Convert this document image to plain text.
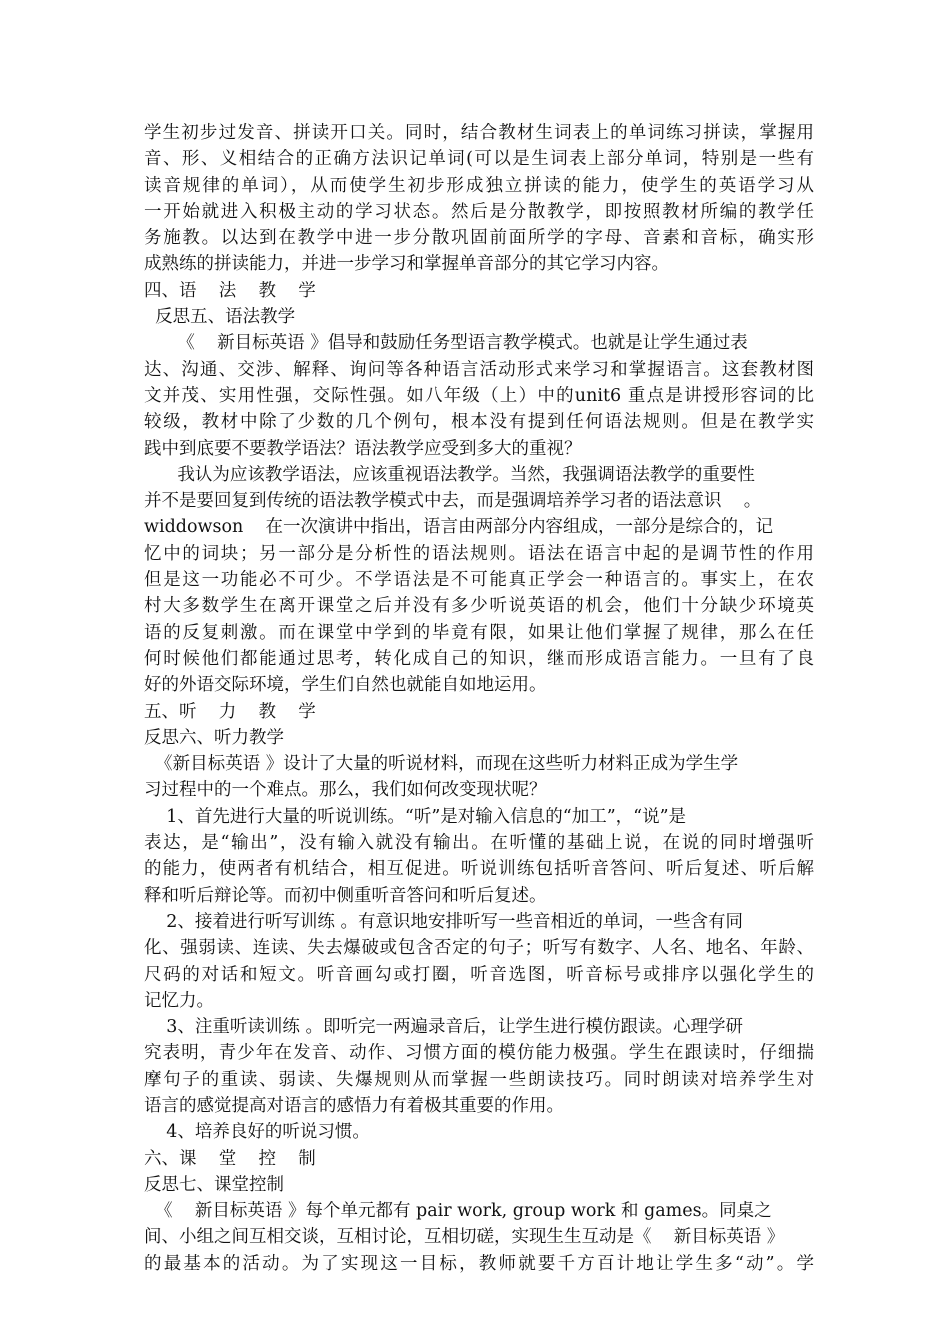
学生初步过发音、拼读开口关。同时，结合教材生词表上的单词练习拼读，掌握用
音、形、义相结合的正确方法识记单词(可以是生词表上部分单词，特别是一些有
读音规律的单词），从而使学生初步形成独立拼读的能力，使学生的英语学习从
一开始就进入积极主动的学习状态。然后是分散教学，即按照教材所编的教学任
务施教。以达到在教学中进一步分散巩固前面所学的字母、音素和音标，确实形
成熟练的拼读能力，并进一步学习和掌握单音部分的其它学习内容。
四、语    法    教    学
反思五、语法教学
《    新目标英语 》倡导和鼓励任务型语言教学模式。也就是让学生通过表
达、沟通、交涉、解释、询问等各种语言活动形式来学习和掌握语言。这套教材图
文并茂、实用性强，交际性强。如八年级（上）中的unit6 重点是讲授形容词的比
较级，教材中除了少数的几个例句，根本没有提到任何语法规则。但是在教学实
践中到底要不要教学语法？语法教学应受到多大的重视？
我认为应该教学语法，应该重视语法教学。当然，我强调语法教学的重要性
并不是要回复到传统的语法教学模式中去，而是强调培养学习者的语法意识    。
widdowson    在一次演讲中指出，语言由两部分内容组成，一部分是综合的，记
忆中的词块；另一部分是分析性的语法规则。语法在语言中起的是调节性的作用
但是这一功能必不可少。不学语法是不可能真正学会一种语言的。事实上，在农
村大多数学生在离开课堂之后并没有多少听说英语的机会，他们十分缺少环境英
语的反复刺激。而在课堂中学到的毕竟有限，如果让他们掌握了规律，那么在任
何时候他们都能通过思考，转化成自己的知识，继而形成语言能力。一旦有了良
好的外语交际环境，学生们自然也就能自如地运用。
五、听    力    教    学
反思六、听力教学
《新目标英语 》设计了大量的听说材料，而现在这些听力材料正成为学生学
习过程中的一个难点。那么，我们如何改变现状呢？
1、首先进行大量的听说训练。“听”是对输入信息的“加工”，“说”是
表达，是“输出”，没有输入就没有输出。在听懂的基础上说，在说的同时增强听
的能力，使两者有机结合，相互促进。听说训练包括听音答问、听后复述、听后解
释和听后辩论等。而初中侧重听音答问和听后复述。
2、接着进行听写训练 。有意识地安排听写一些音相近的单词，一些含有同
化、强弱读、连读、失去爆破或包含否定的句子；听写有数字、人名、地名、年龄、
尺码的对话和短文。听音画勾或打圈，听音选图，听音标号或排序以强化学生的
记忆力。
3、注重听读训练 。即听完一两遍录音后，让学生进行模仿跟读。心理学研
究表明，青少年在发音、动作、习惯方面的模仿能力极强。学生在跟读时，仔细揣
摩句子的重读、弱读、失爆规则从而掌握一些朗读技巧。同时朗读对培养学生对
语言的感觉提高对语言的感悟力有着极其重要的作用。
4、培养良好的听说习惯。
六、课    堂    控    制
反思七、课堂控制
《    新目标英语 》每个单元都有 pair work, group work 和 games。同桌之
间、小组之间互相交谈，互相讨论，互相切磋，实现生生互动是《    新目标英语 》
的最基本的活动。为了实现这一目标，教师就要千方百计地让学生多“动”。学
